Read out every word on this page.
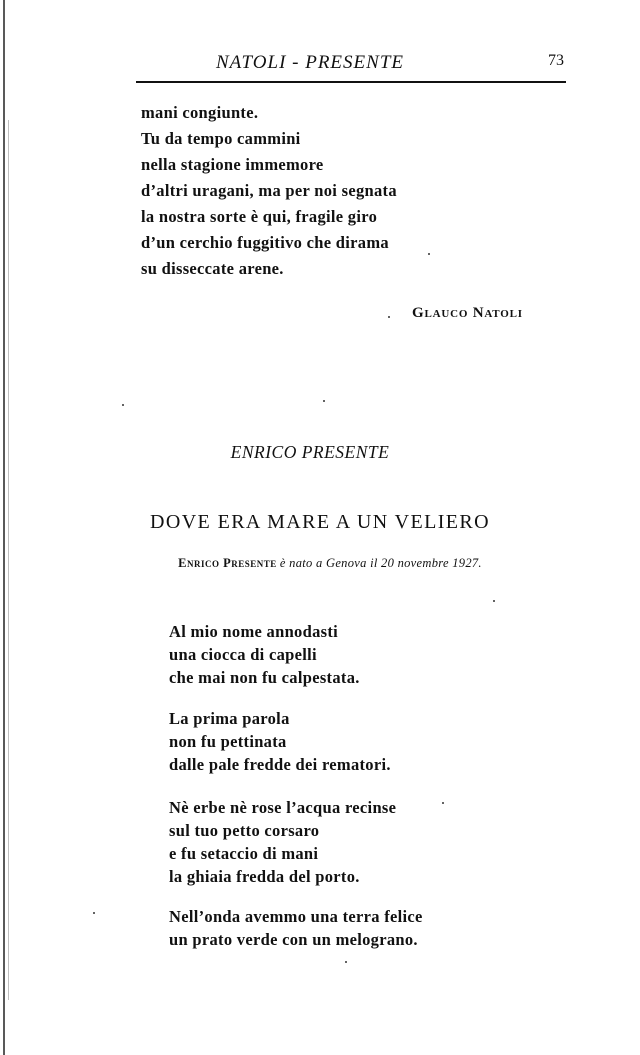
NATOLI - PRESENTE	73
mani congiunte.
Tu da tempo cammini
nella stagione immemore
d’altri uragani, ma per noi segnata
la nostra sorte è qui, fragile giro
d’un cerchio fuggitivo che dirama
su disseccate arene.
Glauco Natoli
ENRICO PRESENTE
DOVE ERA MARE A UN VELIERO
Enrico Presente è nato a Genova il 20 novembre 1927.
Al mio nome annodasti
una ciocca di capelli
che mai non fu calpestata.
La prima parola
non fu pettinata
dalle pale fredde dei rematori.
Nè erbe nè rose l’acqua recinse
sul tuo petto corsaro
e fu setaccio di mani
la ghiaia fredda del porto.
Nell’onda avemmo una terra felice
un prato verde con un melograno.
